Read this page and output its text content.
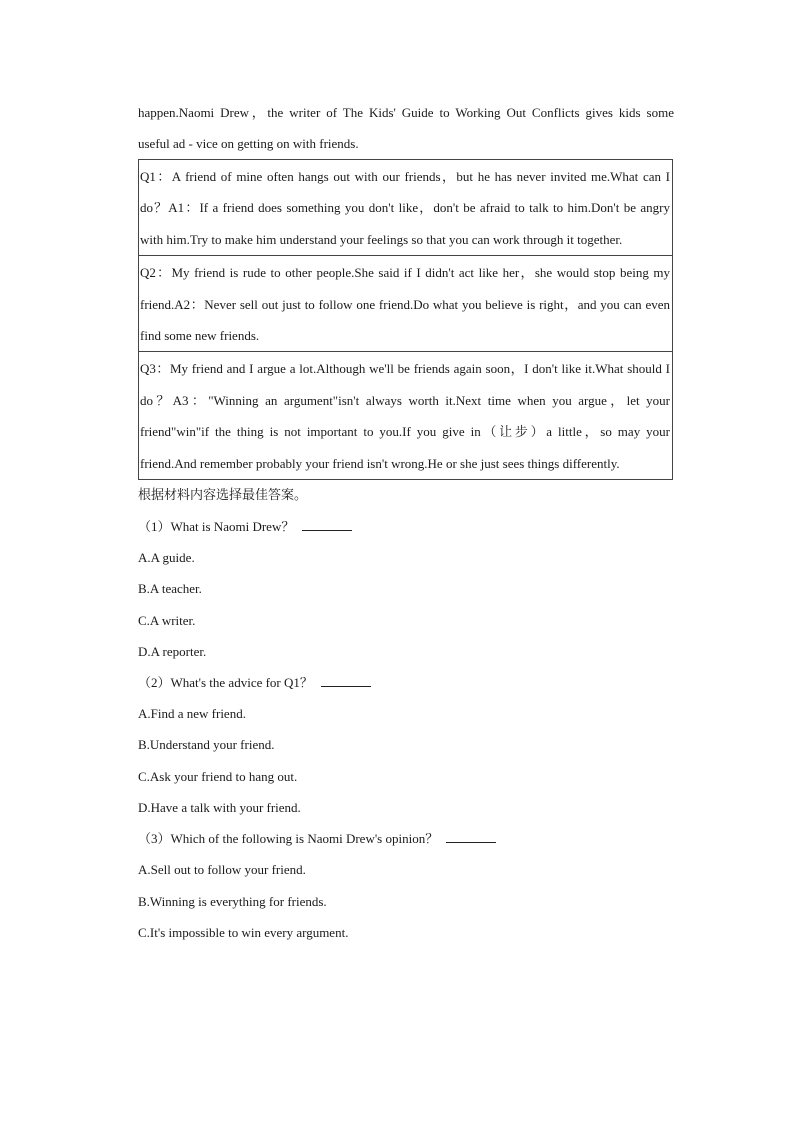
happen.Naomi Drew，the writer of The Kids' Guide to Working Out Conflicts gives kids some

useful ad - vice on getting on with friends.

Q1：A friend of mine often hangs out with our friends，but he has never invited me.What can I do？A1：If a friend does something you don't like，don't be afraid to talk to him.Don't be angry with him.Try to make him understand your feelings so that you can work through it together.
Q2：My friend is rude to other people.She said if I didn't act like her，she would stop being my friend.A2：Never sell out just to follow one friend.Do what you believe is right，and you can even find some new friends.
Q3：My friend and I argue a lot.Although we'll be friends again soon，I don't like it.What should I do？A3："Winning an argument"isn't always worth it.Next time when you argue，let your friend"win"if the thing is not important to you.If you give in（让步）a little，so may your friend.And remember probably your friend isn't wrong.He or she just sees things differently.

根据材料内容选择最佳答案。

（1）What is Naomi Drew？

A.A guide.

B.A teacher.

C.A writer.

D.A reporter.

（2）What's the advice for Q1？

A.Find a new friend.

B.Understand your friend.

C.Ask your friend to hang out.

D.Have a talk with your friend.

（3）Which of the following is Naomi Drew's opinion？

A.Sell out to follow your friend.

B.Winning is everything for friends.

C.It's impossible to win every argument.
